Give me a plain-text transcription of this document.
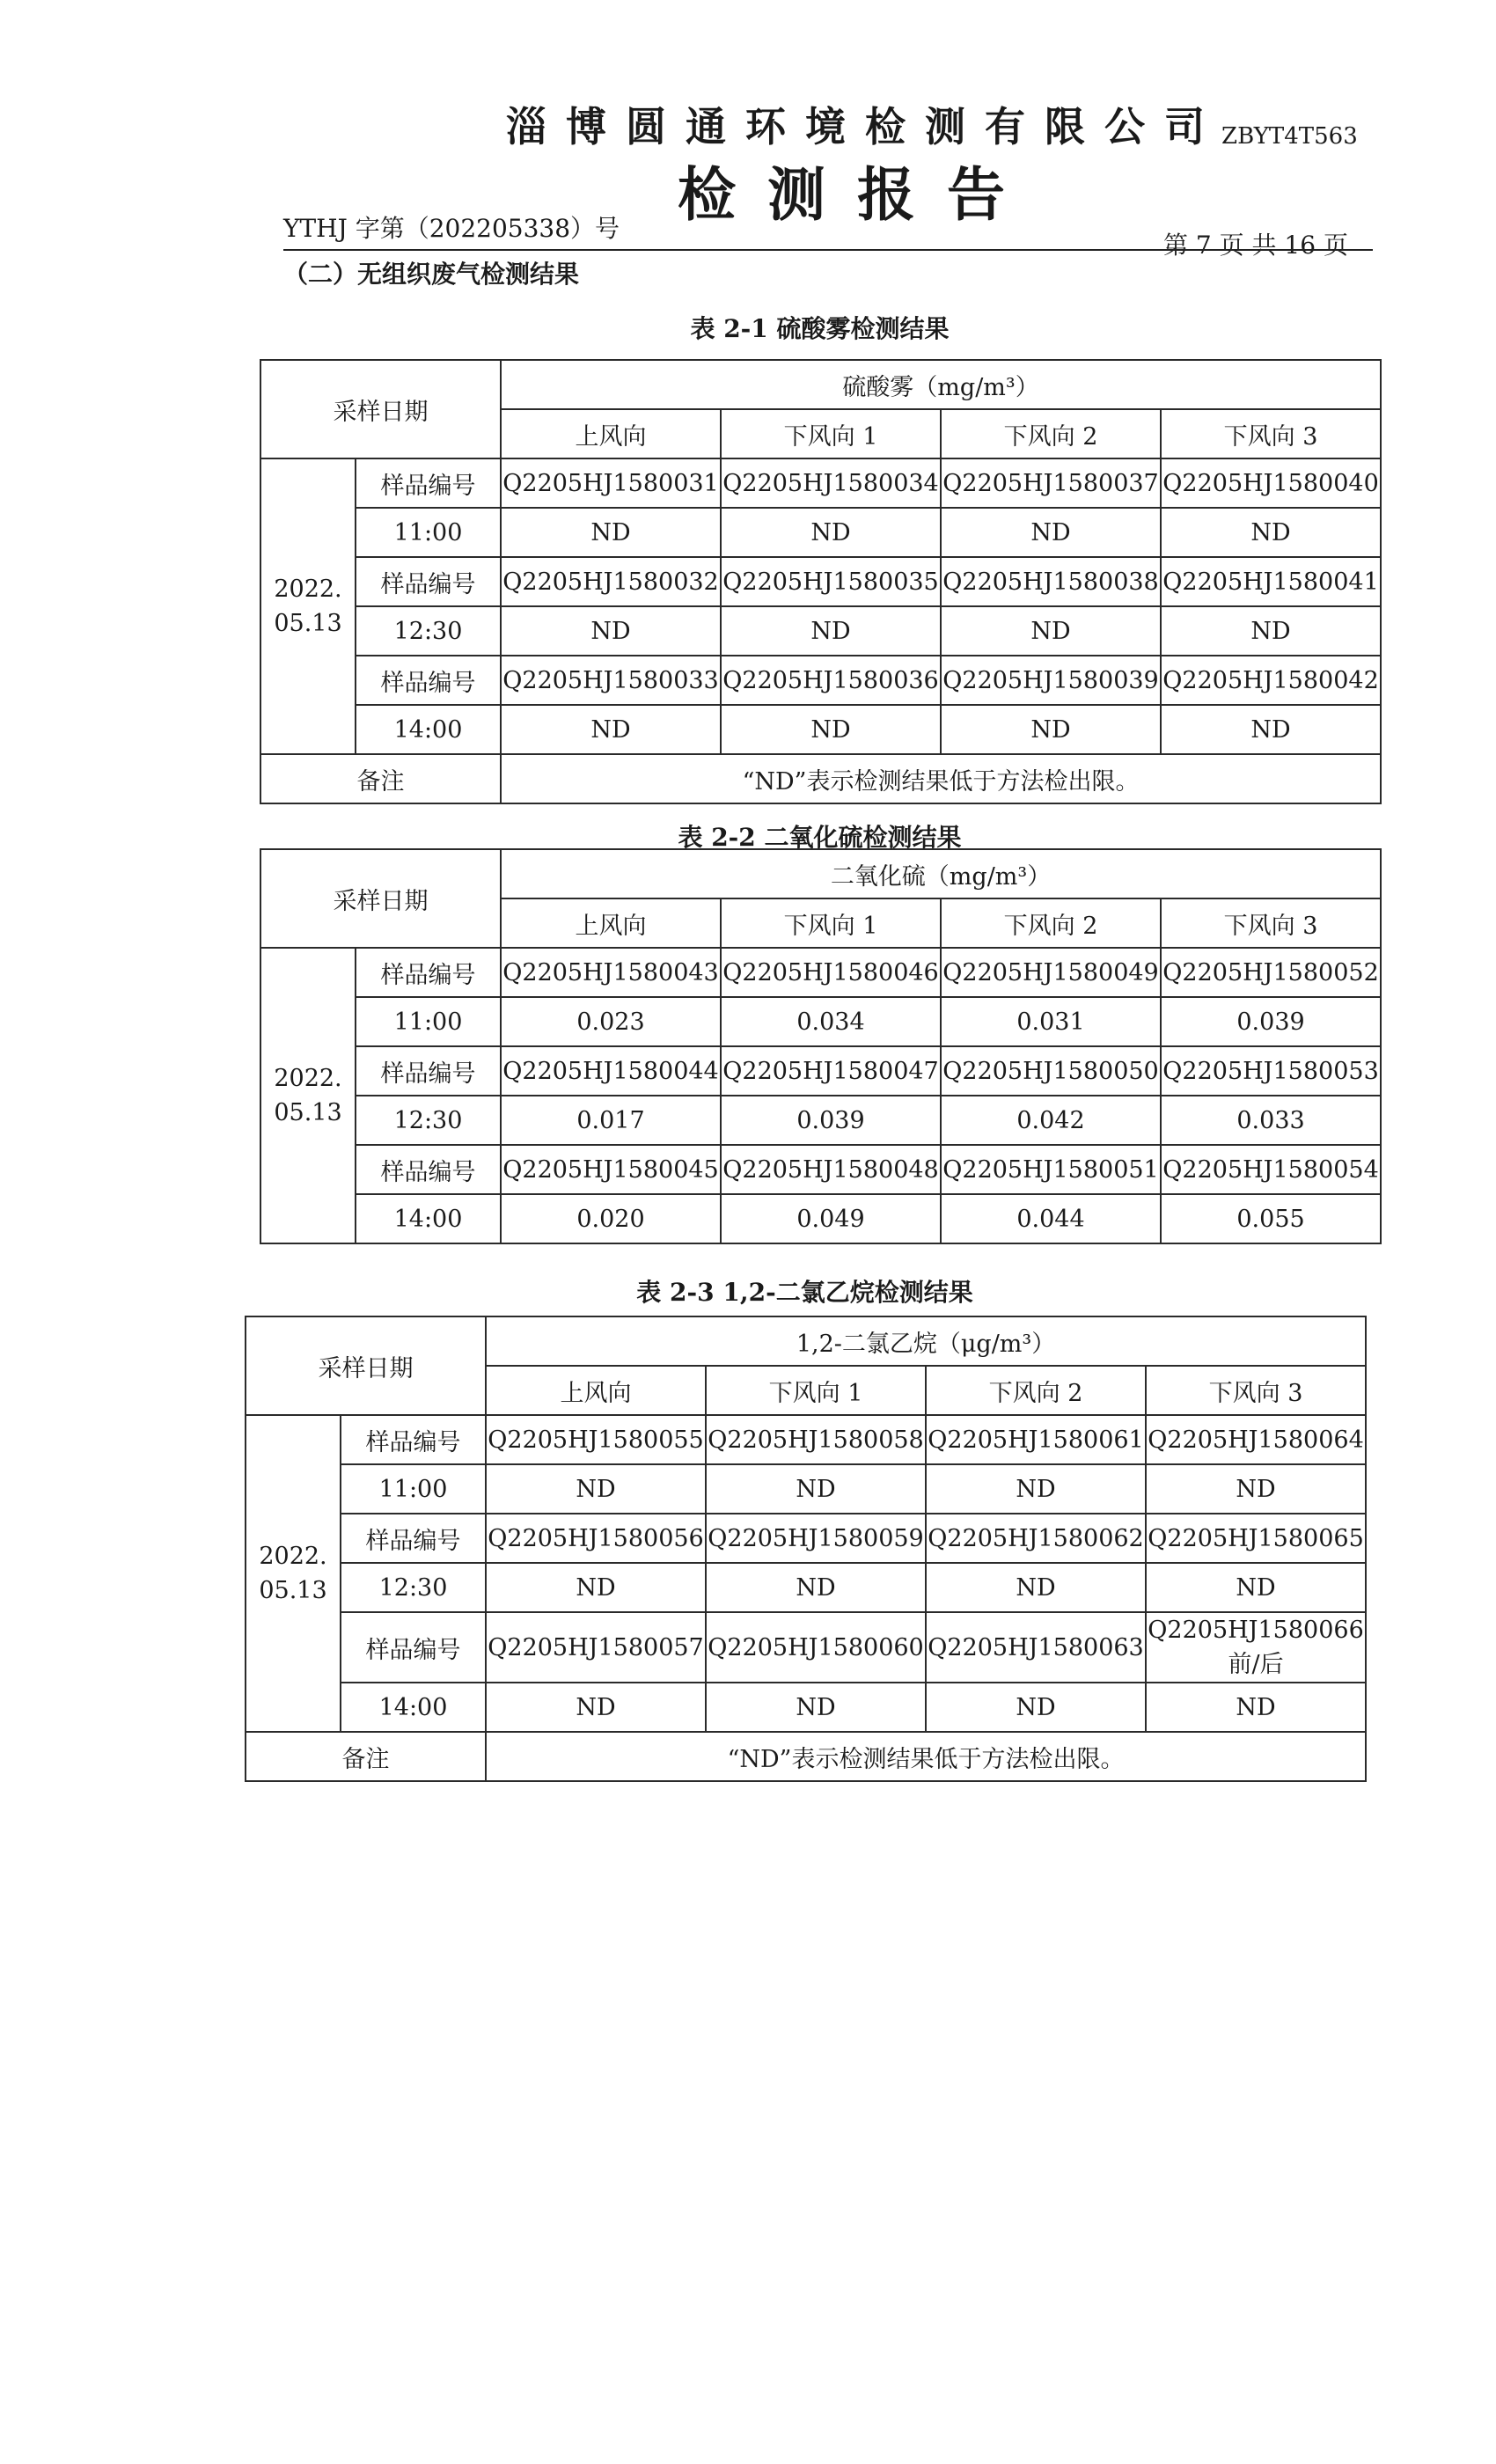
淄博圆通环境检测有限公司
ZBYT4T563
检测报告
YTHJ 字第（202205338）号
第 7 页 共 16 页
（二）无组织废气检测结果
表 2-1 硫酸雾检测结果
采样日期		硫酸雾（mg/m³）			
		上风向	下风向 1	下风向 2	下风向 3
2022. 05.13	样品编号	Q2205HJ1580031	Q2205HJ1580034	Q2205HJ1580037	Q2205HJ1580040
	11:00	ND	ND	ND	ND
	样品编号	Q2205HJ1580032	Q2205HJ1580035	Q2205HJ1580038	Q2205HJ1580041
	12:30	ND	ND	ND	ND
	样品编号	Q2205HJ1580033	Q2205HJ1580036	Q2205HJ1580039	Q2205HJ1580042
	14:00	ND	ND	ND	ND
备注		“ND”表示检测结果低于方法检出限。			
表 2-2 二氧化硫检测结果
采样日期		二氧化硫（mg/m³）			
		上风向	下风向 1	下风向 2	下风向 3
2022. 05.13	样品编号	Q2205HJ1580043	Q2205HJ1580046	Q2205HJ1580049	Q2205HJ1580052
	11:00	0.023	0.034	0.031	0.039
	样品编号	Q2205HJ1580044	Q2205HJ1580047	Q2205HJ1580050	Q2205HJ1580053
	12:30	0.017	0.039	0.042	0.033
	样品编号	Q2205HJ1580045	Q2205HJ1580048	Q2205HJ1580051	Q2205HJ1580054
	14:00	0.020	0.049	0.044	0.055
表 2-3 1,2-二氯乙烷检测结果
采样日期		1,2-二氯乙烷（μg/m³）			
		上风向	下风向 1	下风向 2	下风向 3
2022. 05.13	样品编号	Q2205HJ1580055	Q2205HJ1580058	Q2205HJ1580061	Q2205HJ1580064
	11:00	ND	ND	ND	ND
	样品编号	Q2205HJ1580056	Q2205HJ1580059	Q2205HJ1580062	Q2205HJ1580065
	12:30	ND	ND	ND	ND
	样品编号	Q2205HJ1580057	Q2205HJ1580060	Q2205HJ1580063	Q2205HJ1580066 前/后
	14:00	ND	ND	ND	ND
备注		“ND”表示检测结果低于方法检出限。			
